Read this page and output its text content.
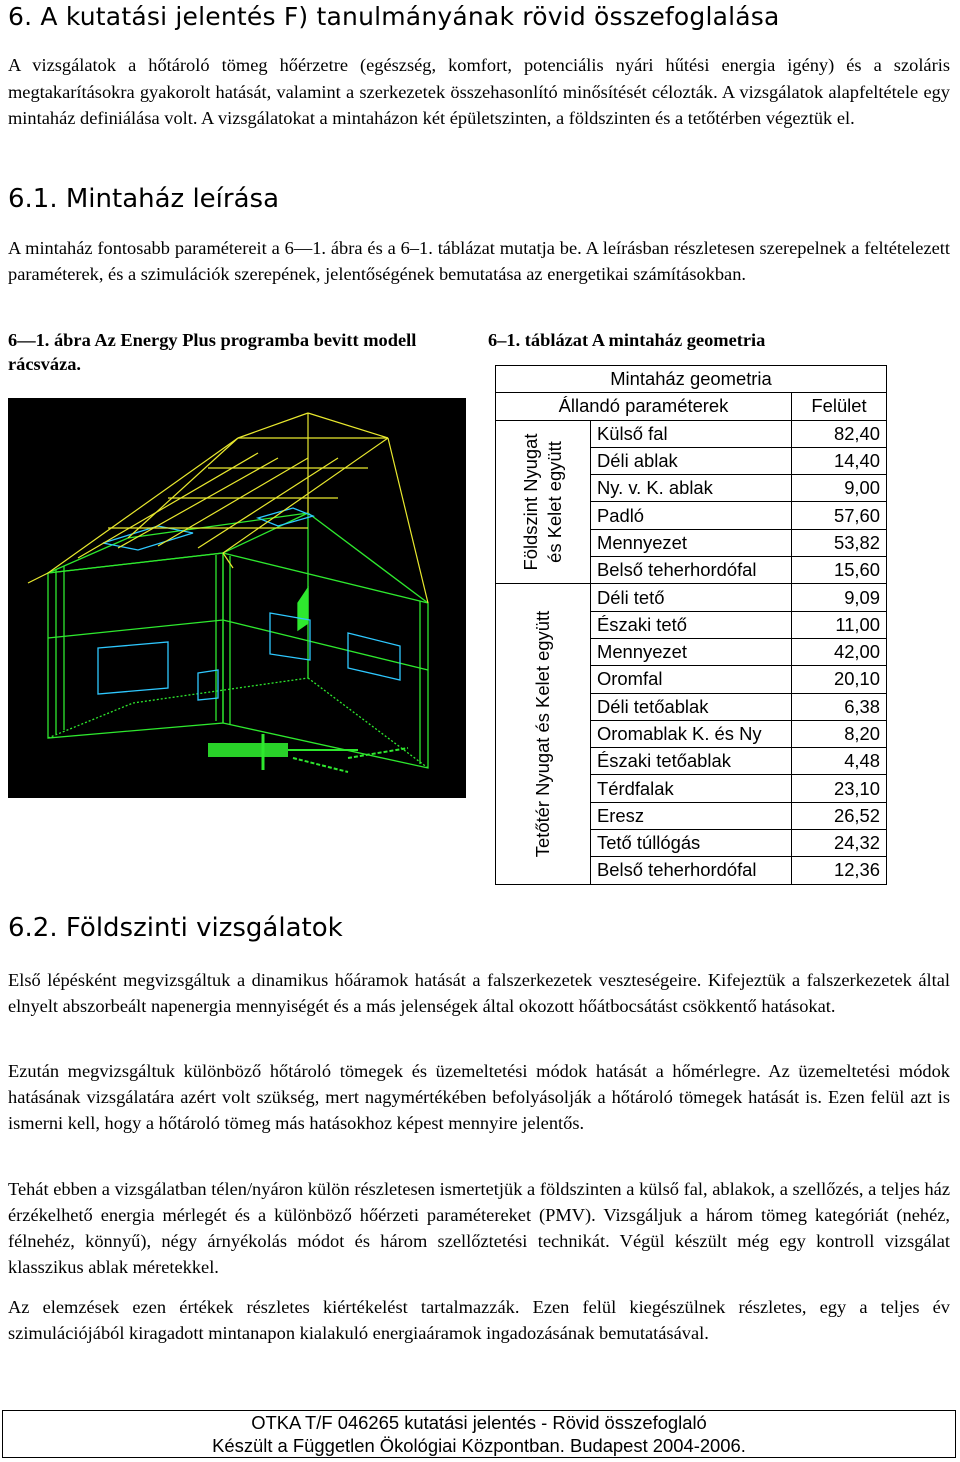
6. A kutatási jelentés F) tanulmányának rövid összefoglalása

A vizsgálatok a hőtároló tömeg hőérzetre (egészség, komfort, potenciális nyári hűtési energia igény) és a szoláris megtakarításokra gyakorolt hatását, valamint a szerkezetek összehasonlító minősítését célozták. A vizsgálatok alapfeltétele egy mintaház definiálása volt. A vizsgálatokat a mintaházon két épületszinten, a földszinten és a tetőtérben végeztük el.

6.1. Mintaház leírása

A mintaház fontosabb paramétereit a 6—1. ábra és a 6–1. táblázat mutatja be. A leírásban részletesen szerepelnek a feltételezett paraméterek, és a szimulációk szerepének, jelentőségének bemutatása az energetikai számításokban.

6—1. ábra Az Energy Plus programba bevitt modell rácsváza.

6–1. táblázat A mintaház geometria

Mintaház geometria		
Állandó paraméterek		Felület

Földszint Nyugat és Kelet együtt	Külső fal	82,40
	Déli ablak	14,40
	Ny. v. K. ablak	9,00
	Padló	57,60
	Mennyezet	53,82
	Belső teherhordófal	15,60

Tetőtér Nyugat és Kelet együtt	Déli tető	9,09
	Északi tető	11,00
	Mennyezet	42,00
	Oromfal	20,10
	Déli tetőablak	6,38
	Oromablak K. és Ny	8,20
	Északi tetőablak	4,48
	Térdfalak	23,10
	Eresz	26,52
	Tető túllógás	24,32
	Belső teherhordófal	12,36
6.2. Földszinti vizsgálatok

Első lépésként megvizsgáltuk a dinamikus hőáramok hatását a falszerkezetek veszteségeire. Kifejeztük a falszerkezetek által elnyelt abszorbeált napenergia mennyiségét és a más jelenségek által okozott hőátbocsátást csökkentő hatásokat.

Ezután megvizsgáltuk különböző hőtároló tömegek és üzemeltetési módok hatását a hőmérlegre. Az üzemeltetési módok hatásának vizsgálatára azért volt szükség, mert nagymértékében befolyásolják a hőtároló tömegek hatását is. Ezen felül azt is ismerni kell, hogy a hőtároló tömeg más hatásokhoz képest mennyire jelentős.

Tehát ebben a vizsgálatban télen/nyáron külön részletesen ismertetjük a földszinten a külső fal, ablakok, a szellőzés, a teljes ház érzékelhető energia mérlegét és a különböző hőérzeti paramétereket (PMV). Vizsgáljuk a három tömeg kategóriát (nehéz, félnehéz, könnyű), négy árnyékolás módot és három szellőztetési technikát. Végül készült még egy kontroll vizsgálat klasszikus ablak méretekkel.

Az elemzések ezen értékek részletes kiértékelést tartalmazzák. Ezen felül kiegészülnek részletes, egy a teljes év szimulációjából kiragadott mintanapon kialakuló energiaáramok ingadozásának bemutatásával.

OTKA T/F 046265 kutatási jelentés - Rövid összefoglaló
Készült a Független Ökológiai Központban. Budapest 2004-2006.
